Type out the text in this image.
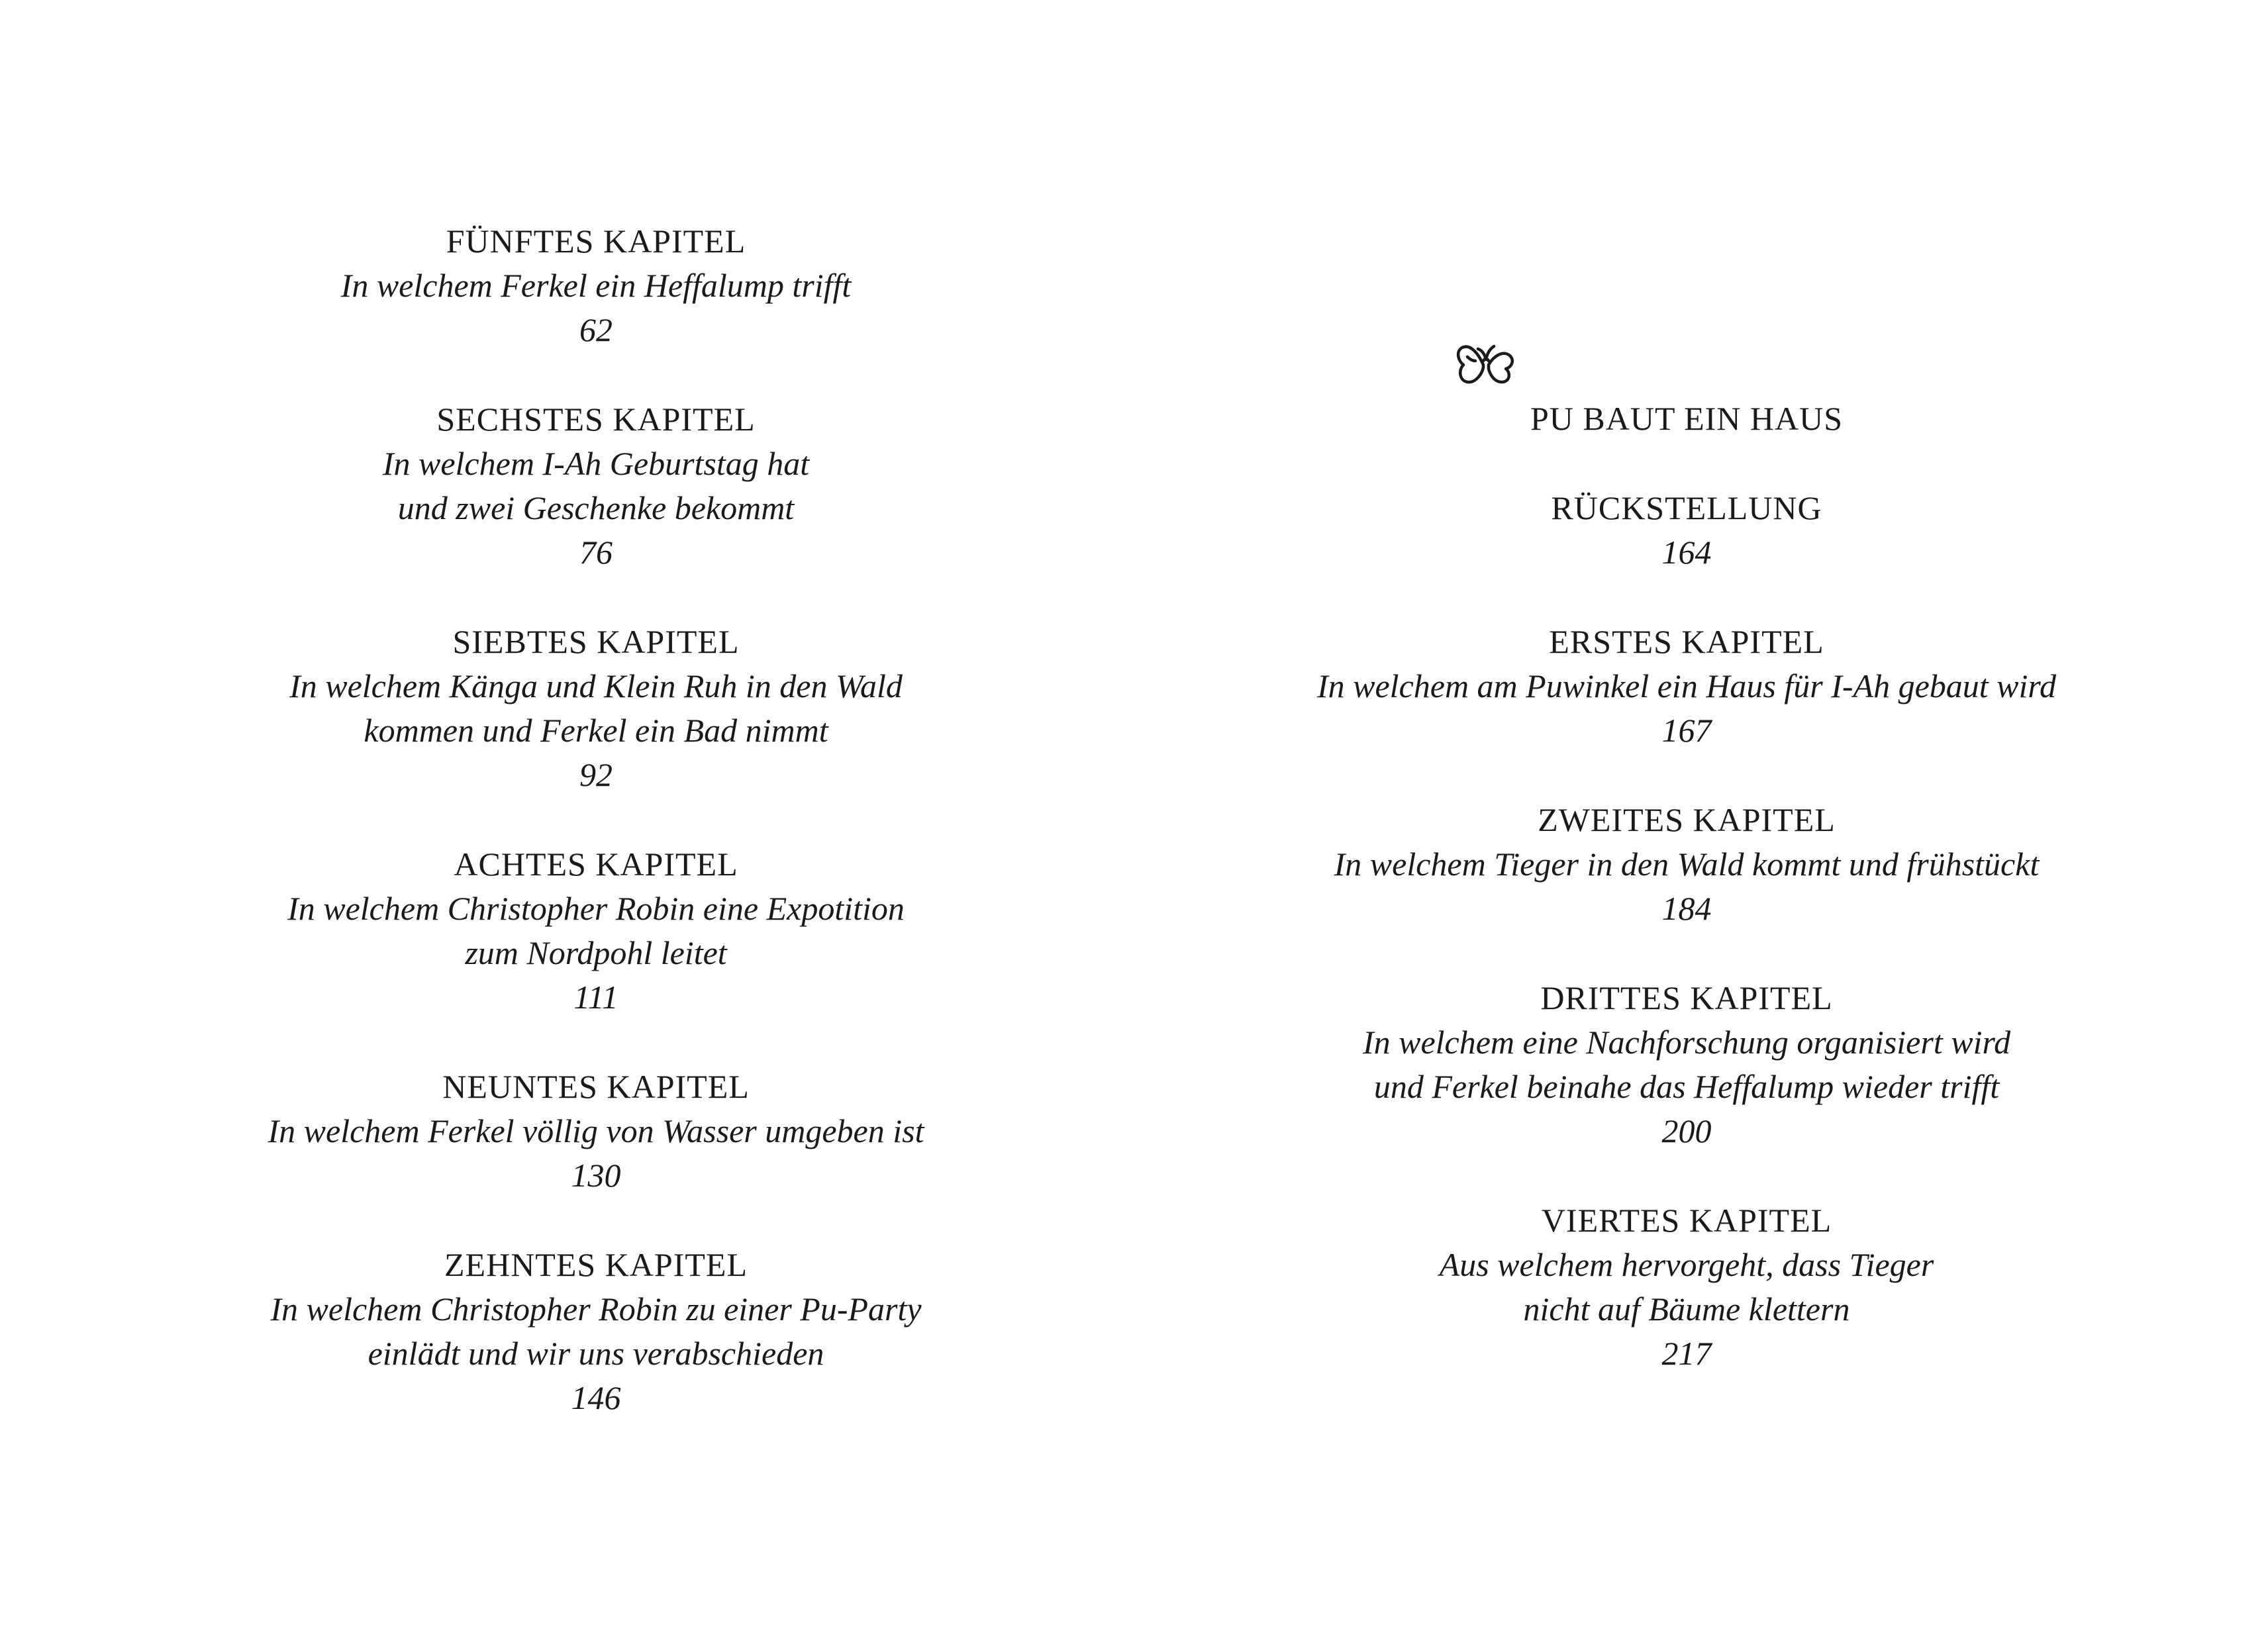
FÜNFTES KAPITEL
In welchem Ferkel ein Heffalump trifft
62
SECHSTES KAPITEL
In welchem I-Ah Geburtstag hat
und zwei Geschenke bekommt
76
SIEBTES KAPITEL
In welchem Känga und Klein Ruh in den Wald
kommen und Ferkel ein Bad nimmt
92
ACHTES KAPITEL
In welchem Christopher Robin eine Expotition
zum Nordpohl leitet
111
NEUNTES KAPITEL
In welchem Ferkel völlig von Wasser umgeben ist
130
ZEHNTES KAPITEL
In welchem Christopher Robin zu einer Pu-Party
einlädt und wir uns verabschieden
146
PU BAUT EIN HAUS
RÜCKSTELLUNG
164
ERSTES KAPITEL
In welchem am Puwinkel ein Haus für I-Ah gebaut wird
167
ZWEITES KAPITEL
In welchem Tieger in den Wald kommt und frühstückt
184
DRITTES KAPITEL
In welchem eine Nachforschung organisiert wird
und Ferkel beinahe das Heffalump wieder trifft
200
VIERTES KAPITEL
Aus welchem hervorgeht, dass Tieger
nicht auf Bäume klettern
217
